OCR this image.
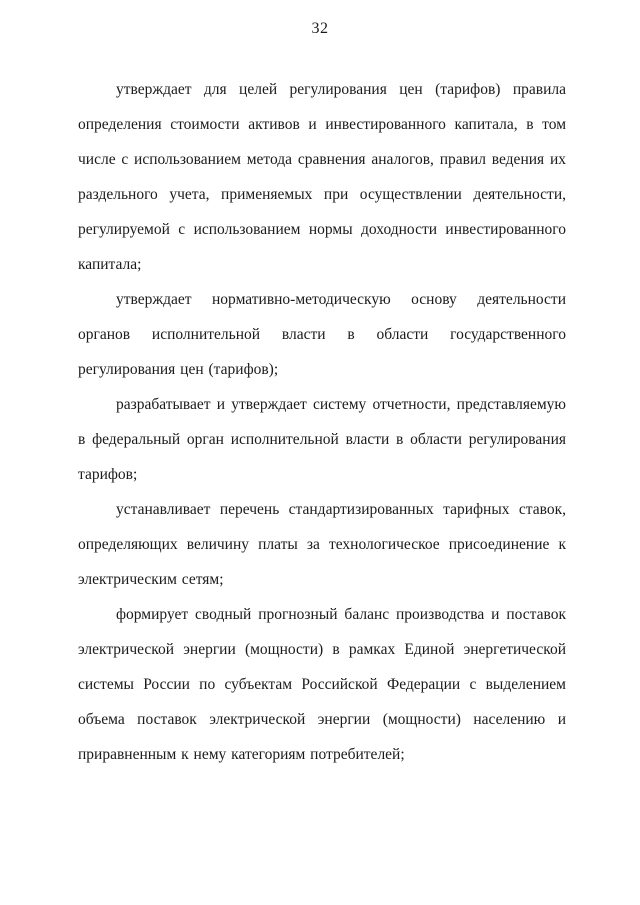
32

утверждает для целей регулирования цен (тарифов) правила определения стоимости активов и инвестированного капитала, в том числе с использованием метода сравнения аналогов, правил ведения их раздельного учета, применяемых при осуществлении деятельности, регулируемой с использованием нормы доходности инвестированного капитала;

утверждает нормативно-методическую основу деятельности органов исполнительной власти в области государственного регулирования цен (тарифов);

разрабатывает и утверждает систему отчетности, представляемую в федеральный орган исполнительной власти в области регулирования тарифов;

устанавливает перечень стандартизированных тарифных ставок, определяющих величину платы за технологическое присоединение к электрическим сетям;

формирует сводный прогнозный баланс производства и поставок электрической энергии (мощности) в рамках Единой энергетической системы России по субъектам Российской Федерации с выделением объема поставок электрической энергии (мощности) населению и приравненным к нему категориям потребителей;
